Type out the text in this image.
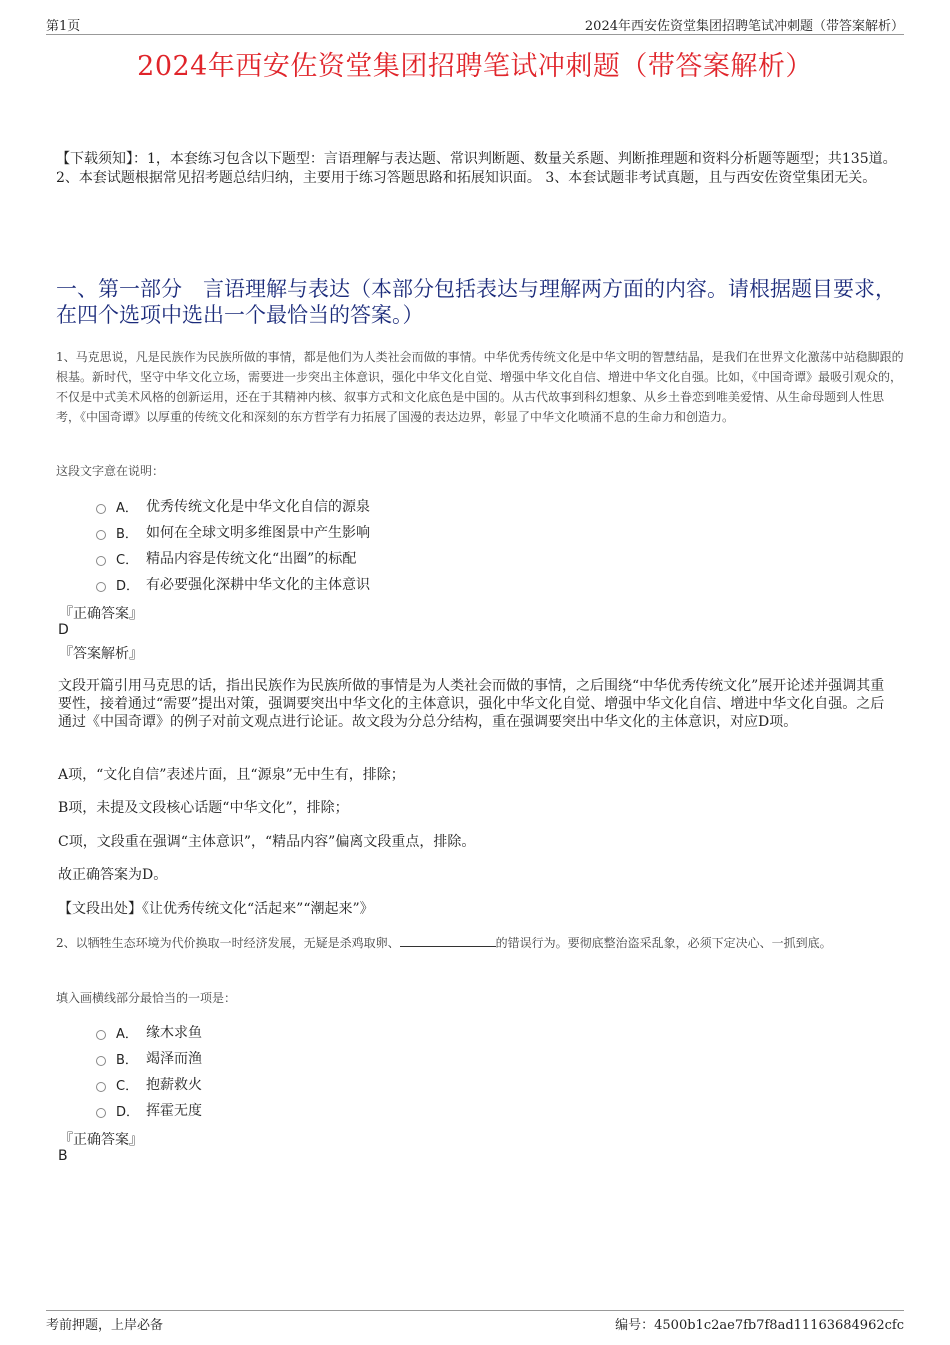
第1页	2024年西安佐资堂集团招聘笔试冲刺题（带答案解析）
2024年西安佐资堂集团招聘笔试冲刺题（带答案解析）
【下载须知】：1，本套练习包含以下题型：言语理解与表达题、常识判断题、数量关系题、判断推理题和资料分析题等题型；共135道。 2、本套试题根据常见招考题总结归纳，主要用于练习答题思路和拓展知识面。 3、本套试题非考试真题，且与西安佐资堂集团无关。
一、第一部分　言语理解与表达（本部分包括表达与理解两方面的内容。请根据题目要求，在四个选项中选出一个最恰当的答案。）
1、马克思说，凡是民族作为民族所做的事情，都是他们为人类社会而做的事情。中华优秀传统文化是中华文明的智慧结晶，是我们在世界文化激荡中站稳脚跟的根基。新时代，坚守中华文化立场，需要进一步突出主体意识，强化中华文化自觉、增强中华文化自信、增进中华文化自强。比如，《中国奇谭》最吸引观众的，不仅是中式美术风格的创新运用，还在于其精神内核、叙事方式和文化底色是中国的。从古代故事到科幻想象、从乡土眷恋到唯美爱情、从生命母题到人性思考，《中国奇谭》以厚重的传统文化和深刻的东方哲学有力拓展了国漫的表达边界，彰显了中华文化喷涌不息的生命力和创造力。
这段文字意在说明：
A． 优秀传统文化是中华文化自信的源泉
B． 如何在全球文明多维图景中产生影响
C． 精品内容是传统文化“出圈”的标配
D． 有必要强化深耕中华文化的主体意识
『正确答案』
D
『答案解析』
文段开篇引用马克思的话，指出民族作为民族所做的事情是为人类社会而做的事情，之后围绕“中华优秀传统文化”展开论述并强调其重要性，接着通过“需要”提出对策，强调要突出中华文化的主体意识，强化中华文化自觉、增强中华文化自信、增进中华文化自强。之后通过《中国奇谭》的例子对前文观点进行论证。故文段为分总分结构，重在强调要突出中华文化的主体意识，对应D项。
A项，“文化自信”表述片面，且“源泉”无中生有，排除；
B项，未提及文段核心话题“中华文化”，排除；
C项，文段重在强调“主体意识”，“精品内容”偏离文段重点，排除。
故正确答案为D。
【文段出处】《让优秀传统文化“活起来”“潮起来”》
2、以牺牲生态环境为代价换取一时经济发展，无疑是杀鸡取卵、	的错误行为。要彻底整治盗采乱象，必须下定决心、一抓到底。
填入画横线部分最恰当的一项是：
A． 缘木求鱼
B． 竭泽而渔
C． 抱薪救火
D． 挥霍无度
『正确答案』
B
考前押题，上岸必备	编号：4500b1c2ae7fb7f8ad11163684962cfc
